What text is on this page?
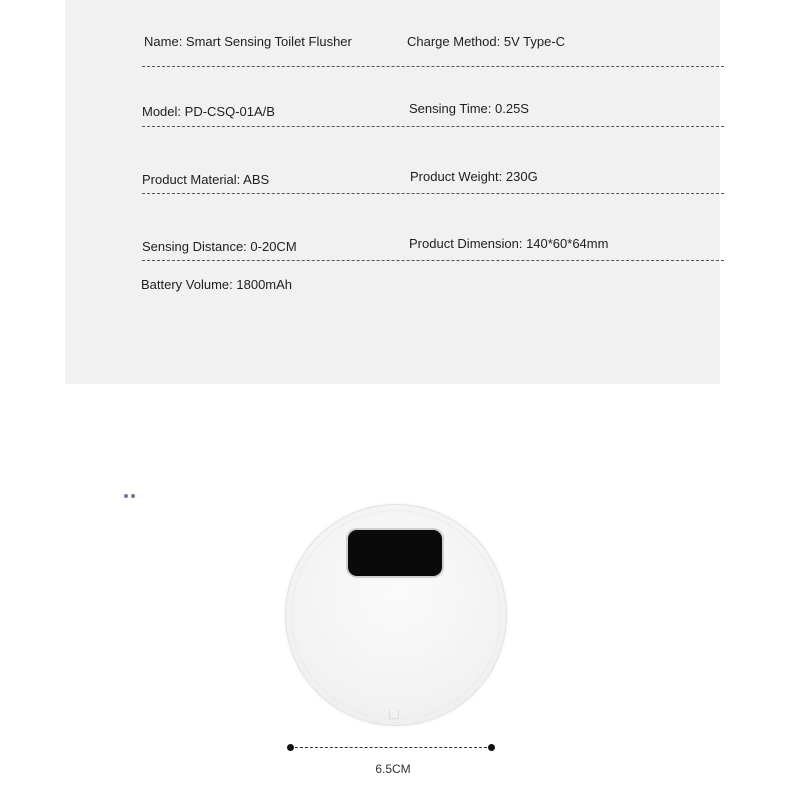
Name : Smart Sensing Toilet Flusher	Charge Method : 5V Type-C
Model : PD-CSQ-01A/B	Sensing Time : 0.25S
Product Material : ABS	Product Weight : 230G
Sensing Distance : 0-20CM	Product Dimension : 140*60*64mm
Battery Volume : 1800mAh
6.5CM
